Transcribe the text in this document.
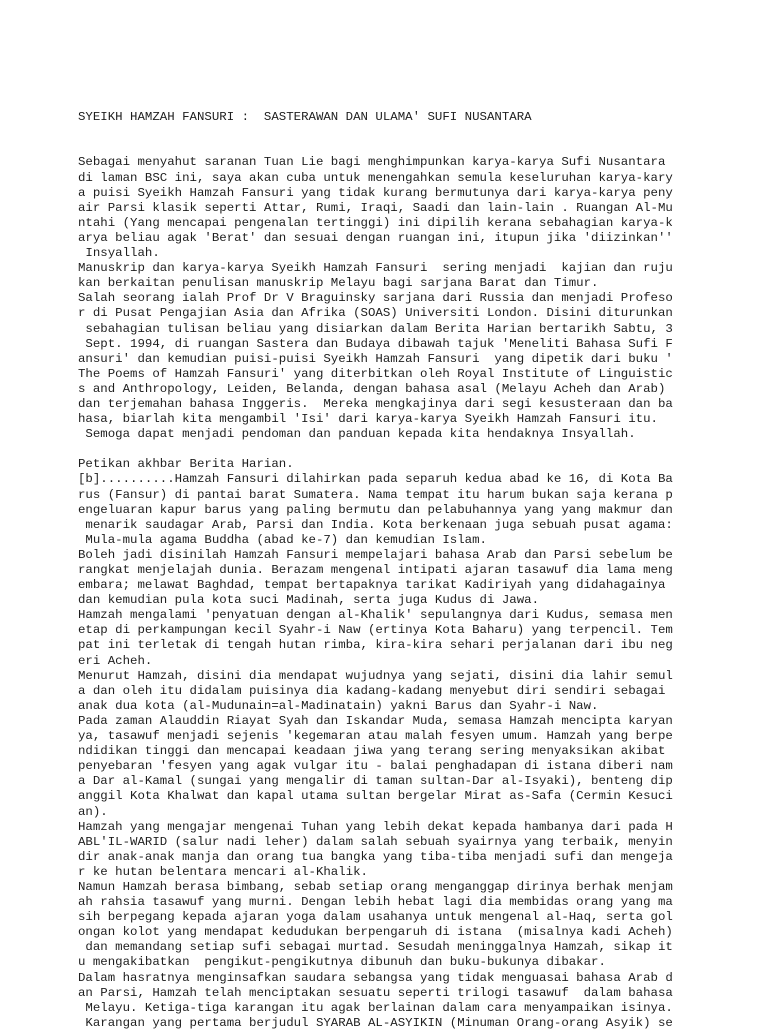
SYEIKH HAMZAH FANSURI :  SASTERAWAN DAN ULAMA' SUFI NUSANTARA

Sebagai menyahut saranan Tuan Lie bagi menghimpunkan karya-karya Sufi Nusantara
di laman BSC ini, saya akan cuba untuk menengahkan semula keseluruhan karya-kary
a puisi Syeikh Hamzah Fansuri yang tidak kurang bermutunya dari karya-karya peny
air Parsi klasik seperti Attar, Rumi, Iraqi, Saadi dan lain-lain . Ruangan Al-Mu
ntahi (Yang mencapai pengenalan tertinggi) ini dipilih kerana sebahagian karya-k
arya beliau agak 'Berat' dan sesuai dengan ruangan ini, itupun jika 'diizinkan''
Insyallah.
Manuskrip dan karya-karya Syeikh Hamzah Fansuri  sering menjadi  kajian dan ruju
kan berkaitan penulisan manuskrip Melayu bagi sarjana Barat dan Timur.
Salah seorang ialah Prof Dr V Braguinsky sarjana dari Russia dan menjadi Profeso
r di Pusat Pengajian Asia dan Afrika (SOAS) Universiti London. Disini diturunkan
sebahagian tulisan beliau yang disiarkan dalam Berita Harian bertarikh Sabtu, 3
Sept. 1994, di ruangan Sastera dan Budaya dibawah tajuk 'Meneliti Bahasa Sufi F
ansuri' dan kemudian puisi-puisi Syeikh Hamzah Fansuri  yang dipetik dari buku '
The Poems of Hamzah Fansuri' yang diterbitkan oleh Royal Institute of Linguistic
s and Anthropology, Leiden, Belanda, dengan bahasa asal (Melayu Acheh dan Arab)
dan terjemahan bahasa Inggeris.  Mereka mengkajinya dari segi kesusteraan dan ba
hasa, biarlah kita mengambil 'Isi' dari karya-karya Syeikh Hamzah Fansuri itu.
Semoga dapat menjadi pendoman dan panduan kepada kita hendaknya Insyallah.
Petikan akhbar Berita Harian.
[b]..........Hamzah Fansuri dilahirkan pada separuh kedua abad ke 16, di Kota Ba
rus (Fansur) di pantai barat Sumatera. Nama tempat itu harum bukan saja kerana p
engeluaran kapur barus yang paling bermutu dan pelabuhannya yang yang makmur dan
menarik saudagar Arab, Parsi dan India. Kota berkenaan juga sebuah pusat agama:
Mula-mula agama Buddha (abad ke-7) dan kemudian Islam.
Boleh jadi disinilah Hamzah Fansuri mempelajari bahasa Arab dan Parsi sebelum be
rangkat menjelajah dunia. Berazam mengenal intipati ajaran tasawuf dia lama meng
embara; melawat Baghdad, tempat bertapaknya tarikat Kadiriyah yang didahagainya
dan kemudian pula kota suci Madinah, serta juga Kudus di Jawa.
Hamzah mengalami 'penyatuan dengan al-Khalik' sepulangnya dari Kudus, semasa men
etap di perkampungan kecil Syahr-i Naw (ertinya Kota Baharu) yang terpencil. Tem
pat ini terletak di tengah hutan rimba, kira-kira sehari perjalanan dari ibu neg
eri Acheh.
Menurut Hamzah, disini dia mendapat wujudnya yang sejati, disini dia lahir semul
a dan oleh itu didalam puisinya dia kadang-kadang menyebut diri sendiri sebagai
anak dua kota (al-Mudunain=al-Madinatain) yakni Barus dan Syahr-i Naw.
Pada zaman Alauddin Riayat Syah dan Iskandar Muda, semasa Hamzah mencipta karyan
ya, tasawuf menjadi sejenis 'kegemaran atau malah fesyen umum. Hamzah yang berpe
ndidikan tinggi dan mencapai keadaan jiwa yang terang sering menyaksikan akibat
penyebaran 'fesyen yang agak vulgar itu - balai penghadapan di istana diberi nam
a Dar al-Kamal (sungai yang mengalir di taman sultan-Dar al-Isyaki), benteng dip
anggil Kota Khalwat dan kapal utama sultan bergelar Mirat as-Safa (Cermin Kesuci
an).
Hamzah yang mengajar mengenai Tuhan yang lebih dekat kepada hambanya dari pada H
ABL'IL-WARID (salur nadi leher) dalam salah sebuah syairnya yang terbaik, menyin
dir anak-anak manja dan orang tua bangka yang tiba-tiba menjadi sufi dan mengeja
r ke hutan belentara mencari al-Khalik.
Namun Hamzah berasa bimbang, sebab setiap orang menganggap dirinya berhak menjam
ah rahsia tasawuf yang murni. Dengan lebih hebat lagi dia membidas orang yang ma
sih berpegang kepada ajaran yoga dalam usahanya untuk mengenal al-Haq, serta gol
ongan kolot yang mendapat kedudukan berpengaruh di istana  (misalnya kadi Acheh)
dan memandang setiap sufi sebagai murtad. Sesudah meninggalnya Hamzah, sikap it
u mengakibatkan  pengikut-pengikutnya dibunuh dan buku-bukunya dibakar.
Dalam hasratnya menginsafkan saudara sebangsa yang tidak menguasai bahasa Arab d
an Parsi, Hamzah telah menciptakan sesuatu seperti trilogi tasawuf  dalam bahasa
Melayu. Ketiga-tiga karangan itu agak berlainan dalam cara menyampaikan isinya.
Karangan yang pertama berjudul SYARAB AL-ASYIKIN (Minuman Orang-orang Asyik) se
